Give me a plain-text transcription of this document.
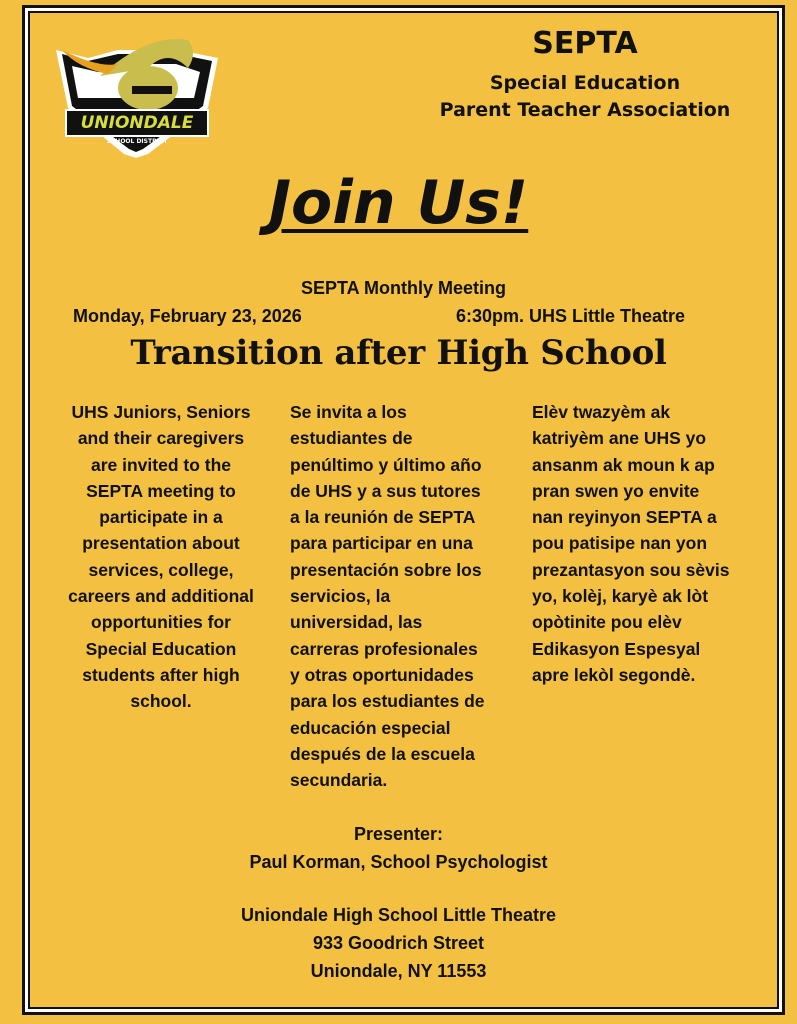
UNIONDALE
SCHOOL DISTRICT
SEPTA
Special Education
Parent Teacher Association
Join Us!
SEPTA Monthly Meeting
Monday, February 23, 2026	6:30pm. UHS Little Theatre
Transition after High School
UHS Juniors, Seniors
and their caregivers
are invited to the
SEPTA meeting to
participate in a
presentation about
services, college,
careers and additional
opportunities for
Special Education
students after high
school.
Se invita a los
estudiantes de
penúltimo y último año
de UHS y a sus tutores
a la reunión de SEPTA
para participar en una
presentación sobre los
servicios, la
universidad, las
carreras profesionales
y otras oportunidades
para los estudiantes de
educación especial
después de la escuela
secundaria.
Elèv twazyèm ak
katriyèm ane UHS yo
ansanm ak moun k ap
pran swen yo envite
nan reyinyon SEPTA a
pou patisipe nan yon
prezantasyon sou sèvis
yo, kolèj, karyè ak lòt
opòtinite pou elèv
Edikasyon Espesyal
apre lekòl segondè.
Presenter:
Paul Korman, School Psychologist
Uniondale High School Little Theatre
933 Goodrich Street
Uniondale, NY 11553
